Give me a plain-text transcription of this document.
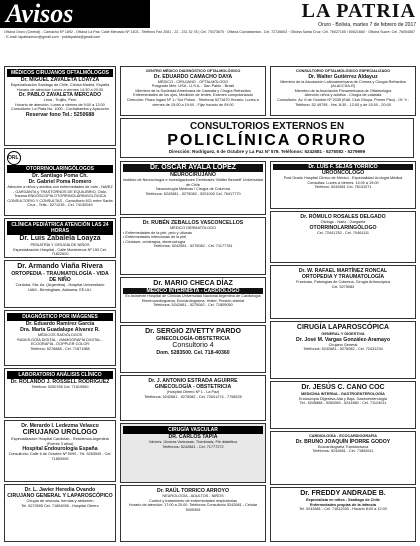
Avisos	LA PATRIA
Oruro - Bolivia, martes 7 de febrero de 2017
Oficina Oruro (Central) - Camacho Nº 1892 - Oficina La Paz: Calle Mercado Nº 1403 - Teléfono Fax 2081 - 22 - 231 32 78 | Cel. 70373675 · Oficina Cochabamba - Cel. 72726603 · Oficina Santa Cruz: Cel. 76027155 / 60621660 · Oficina Sucre: Cel. 76054567 · E-mail: lapatriaoruro@gmail.com · publicpatria@gmail.com
MÉDICOS CIRUJANOS OFTALMÓLOGOS
Dr. MIGUEL ZAVALETA LOAYZA
Especialización Santiago de Chile, Clínica Madrid, España
Horario de atención: Lunes a viernes 14:30 a 20:00
Dr. PABLO ZAVALETA MERCADO
Lima - Trujillo, Perú
Horario de atención: Lunes a viernes de 9:00 a 12:00
Consultorio: La Plata No. 1000 - Cochabamba y Ayacucho
Reservar fono Tel.: 5250688
ORL
OTORRINOLARINGÓLOGOS
Dr. Santiago Poma Ch.
Dr. Gabriel Poma Romero
Atención a niños y adultos con enfermedades de oído - NARIZ - GARGANTA y TRASTORNOS DE EQUILIBRIO, Oído, Trauma ENDOSCOPIA OTORRINOLARINGOLÓGICA
CONSULTORIO Y CONSULTAS - Consultorio 621 entre Santa Cruz - Telfs.: 5271235 - Cel. 74130049
CLÍNICA PEDIÁTRICA ATENCIÓN LAS 24 HORAS
Dr. Luis Zabalela Loayza
PEDIATRÍA Y CIRUGÍA DE NIÑOS
Especialización Hospital - Calle Montecinos Nº 150 Cel. 71822620
Dr. Armando Viaña Rivera
ORTOPEDIA - TRAUMATOLOGÍA - VIDA DE NIÑO
Córdoba, Sta. As. (Argentina) - Hospital Universitario
UAM - Birmingham, Alabama, EE.UU.
DIAGNÓSTICO POR IMÁGENES
Dr. Eduardo Ramírez García
Dra. María Guadalupe Alvarez R.
MÉDICOS RADIÓLOGOS
RADIOLOGÍA DIGITAL - MAMOGRAFÍA DIGITAL - ECOGRAFÍA - DOPPLER COLOR
Teléfono: 5276888 - Cel. 71871988
LABORATORIO ANÁLISIS CLÍNICO
Dr. ROLANDO J. ROSSELL RODRÍGUEZ
Teléfono: 5250765 Cel. 71619550
Dr. Merardo I. Ledezma Velasco
CIRUJANO UROLOGO
Especialización Hospital Cardiolab - Residencia Argentina (Fuente 3 años)
Hospital Endourología España
Consultorio: Calle 6 de Octubre Nº 5090 - Tel. 5263940 - Cel. 71853005
Dr. L. Javier Heredia Ovando
CIRUJANO GENERAL Y LAPAROSCÓPICO
Cirugía de vesícula, hernias y abdomen
Tel. 5270595 Cel. 71854936 - Hospital Obrero
CENTRO MÉDICO DIAGNÓSTICO OFTALMOLÓGICO
Dr. EDUARDO CAMACHO DAYA
MÉDICO - CIRUJANO - OFTALMÓLOGO
Posgrado Méx. USA - U.S.A. - San Pablo - Brasil
Miembro de la Sociedad Americana de Catarata y Cirugía Refractiva
Enfermedades de los ojos, Medición de lentes, Examen computarizado
Dirección: Plaza Ingavi Nº 1 / Sur Potosí - Telefonía 5271670 Horario: Lunes a viernes de 15:00 a 19:00 - Fijar horario de 09:00
CONSULTORIO OFTALMOLÓGICO ESPECIALIZADO
Dr. Walter Gutiérrez Aldayuz
Miembro de la Asociación Latinoamericana de Córnea y Cirugía Refractiva (ALACCSA-R)
Miembro de la Asociación Panamericana de Oftalmología
Atención niños y adultos - Cirugía de catarata
Consultorio: Av. 6 de Octubre Nº 2035 (Edif. Club Ghuya, Primer Piso) - Of. 9 - Teléfono: 52 49795 - Hrs. 8:30 - 12:00 y de 15:00 - 20:00
CONSULTORIOS EXTERNOS EN
POLICLÍNICA ORURO
Dirección: Rodríguez, 6 de Octubre y La Paz Nº 579. Teléfonos: 5242681 - 5275082 - 5279999
Dr. ÓSCAR AYALA LÓPEZ
NEUROCIRUJANO
Instituto de Neurocirugía e Investigaciones Cerebrales 'Walter Bennett' Universidad de Chile
Neurocirugía Médicas / Cirugía de Columna
Teléfonos: 5242681 - 5275082 - 5201000 Cel. 76417770
Dr. RUBÉN ZEBALLOS VASCONCELLOS
MÉDICO DERMATÓLOGO
• Enfermedades de la piel, pelo y uñosas
• Enfermedades infecciosas de la piel
• Criolaser, crioterapia, electrocirugía
Teléfonos: 5242681 - 5275082 - Cel. 71177781
Dr. MARIO CHECA DÍAZ
MÉDICO INTERNISTA - CARDIÓLOGO
Ex Asistente Hospital de Clínicas Universidad Nacional Argentina de Cardiología
Electrocardiograma, Ecocardiograma, Holter, Presión arterial
Teléfonos: 5242681 - 5275082 - Cel. 71809050
Dr. SERGIO ZIVETTY PARDO
GINECOLOGÍA-OBSTETRICIA
Consultorio 4
Dom. 5283500. Cel. 718-40360
Dr. J. ANTONIO ESTRADA AGUIRRE
GINECOLOGÍA - OBSTETRICIA
(Hospital Obrero Nº 1 - La Paz)
Teléfonos: 5242681 - 5275082 - Cel. 72641274 - 7798225
CIRUGÍA VASCULAR
DR. CARLOS TAPIA
Várices, Úlceras Varicosas, Trombosis, Pie diabético
Teléfonos: 5242681 - Cel. 71777272
Dr. RAÚL TORRICO ARROYO
NEUROLOGÍA - ADULTOS - NIÑOS
Control y tratamiento de enfermedades respiratorias
Horario de atención: 17:00 a 20:00. Teléfonos Consultorio 5242681 - Celular 5005305
Dr. LUIS F. SEJAS TORRICO
UROONCÓLOGO
Post Grado Hospital Clínico de México - Especialidad Urología Médica
Consultas: Lunes a viernes: 14:00 a 19:00
Teléfono: 5242681 Cel. 76131071
Dr. RÓMULO ROSALES DELGADO
Otólogo - Nariz - Garganta
OTORRINOLARINGÓLOGO
Cel. 72441782 - Cel. 70461111
Dr. W. RAFAEL MARTÍNEZ RONCAL
ORTOPEDIA Y TRAUMATOLOGÍA
Fracturas, Patologías de Columna, Cirugía Artroscópica
Cel. 5275083
CIRUGÍA LAPAROSCÓPICA
GENERAL Y DIGESTIVA
Dr. José M. Vargas González-Aramayo
Cirujano General
Teléfonos: 5242681 - 5275082 - Cel. 72431234
Dr. JESÚS C. CANO COC
MEDICINA INTERNA - GASTROENTEROLOGÍA
Endoscopia Digestiva Alta y Baja, Gastroenterología
Tel.: 5245888 - 5260069 - 5241860 - Cel. 71124011
CARDIOLOGÍA - ECOCARDIOGRAFÍA
Dr. BRUNO JOAQUÍN ÍPORRE GODOY
Ecocardiografía Transtorácica
Teléfonos: 5242681 - Cel. 71852611
Dr. FREDDY ANDRADE B.
Especialista en niños - Santiago de Chile
Enfermedades propias de la infancia
Tel. 5242681 - Cel. 71812033 - Horario 8:00 a 12:00
